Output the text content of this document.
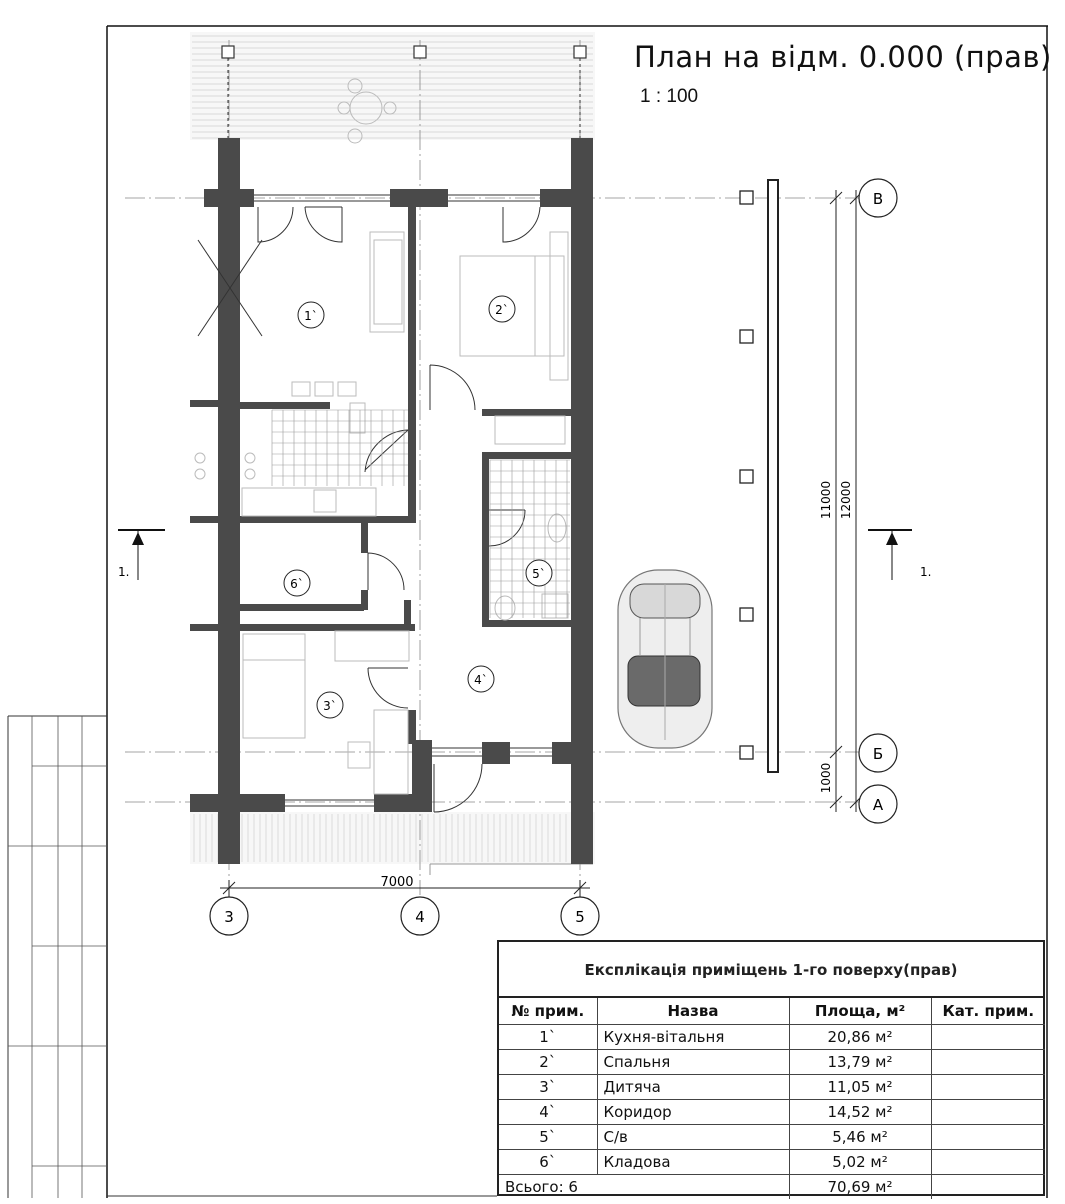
1`	2`
3`
4`
5`
6`
В
Б
А
3	4	5
7000
11000 12000
1000
1.	1.
План на відм. 0.000 (прав)
1 : 100
Експлікація приміщень 1-го поверху(прав)
№ прим.	Назва	Площа, м²	Кат. прим.
1`	Кухня-вітальня	20,86 м²	
2`	Спальня	13,79 м²	
3`	Дитяча	11,05 м²	
4`	Коридор	14,52 м²	
5`	С/в	5,46 м²	
6`	Кладова	5,02 м²	
Всього: 6		70,69 м²	
